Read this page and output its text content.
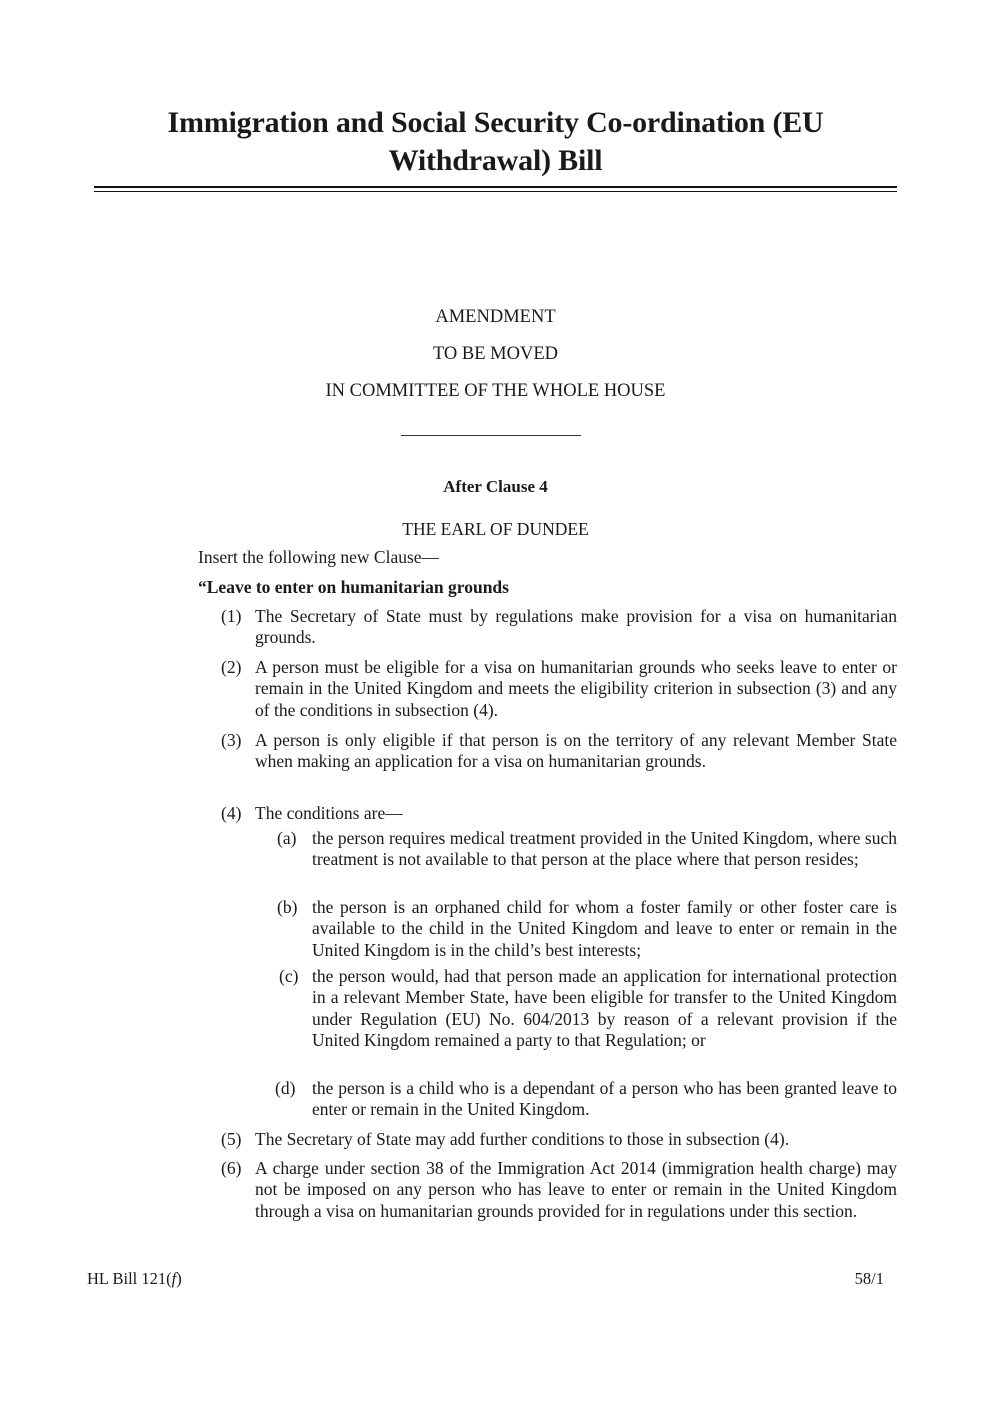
Immigration and Social Security Co-ordination (EU Withdrawal) Bill
AMENDMENT
TO BE MOVED
IN COMMITTEE OF THE WHOLE HOUSE
After Clause 4
THE EARL OF DUNDEE
Insert the following new Clause—
“Leave to enter on humanitarian grounds
(1) The Secretary of State must by regulations make provision for a visa on humanitarian grounds.
(2) A person must be eligible for a visa on humanitarian grounds who seeks leave to enter or remain in the United Kingdom and meets the eligibility criterion in subsection (3) and any of the conditions in subsection (4).
(3) A person is only eligible if that person is on the territory of any relevant Member State when making an application for a visa on humanitarian grounds.
(4) The conditions are—
(a) the person requires medical treatment provided in the United Kingdom, where such treatment is not available to that person at the place where that person resides;
(b) the person is an orphaned child for whom a foster family or other foster care is available to the child in the United Kingdom and leave to enter or remain in the United Kingdom is in the child’s best interests;
(c) the person would, had that person made an application for international protection in a relevant Member State, have been eligible for transfer to the United Kingdom under Regulation (EU) No. 604/2013 by reason of a relevant provision if the United Kingdom remained a party to that Regulation; or
(d) the person is a child who is a dependant of a person who has been granted leave to enter or remain in the United Kingdom.
(5) The Secretary of State may add further conditions to those in subsection (4).
(6) A charge under section 38 of the Immigration Act 2014 (immigration health charge) may not be imposed on any person who has leave to enter or remain in the United Kingdom through a visa on humanitarian grounds provided for in regulations under this section.
HL Bill 121(f)	58/1
